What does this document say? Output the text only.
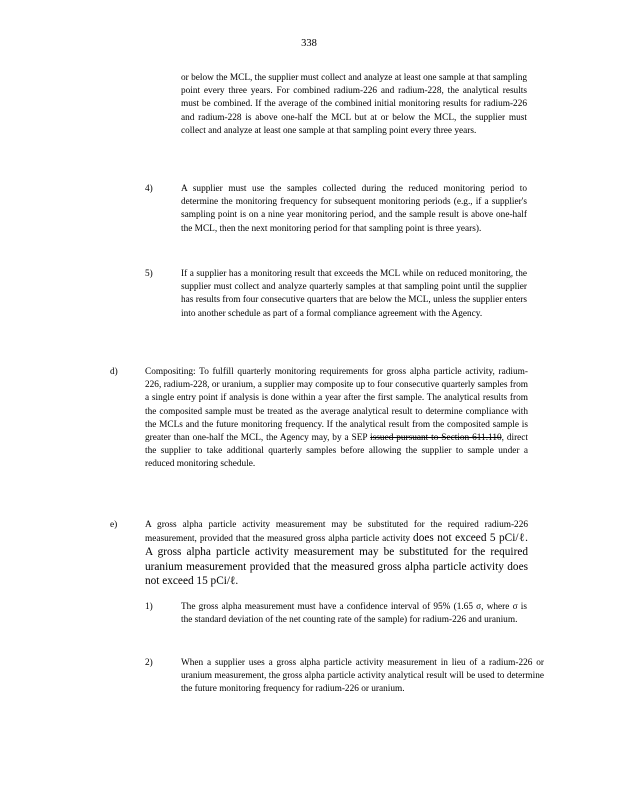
338
or below the MCL, the supplier must collect and analyze at least one sample at that sampling point every three years. For combined radium-226 and radium-228, the analytical results must be combined. If the average of the combined initial monitoring results for radium-226 and radium-228 is above one-half the MCL but at or below the MCL, the supplier must collect and analyze at least one sample at that sampling point every three years.
4)	A supplier must use the samples collected during the reduced monitoring period to determine the monitoring frequency for subsequent monitoring periods (e.g., if a supplier's sampling point is on a nine year monitoring period, and the sample result is above one-half the MCL, then the next monitoring period for that sampling point is three years).
5)	If a supplier has a monitoring result that exceeds the MCL while on reduced monitoring, the supplier must collect and analyze quarterly samples at that sampling point until the supplier has results from four consecutive quarters that are below the MCL, unless the supplier enters into another schedule as part of a formal compliance agreement with the Agency.
d)	Compositing: To fulfill quarterly monitoring requirements for gross alpha particle activity, radium-226, radium-228, or uranium, a supplier may composite up to four consecutive quarterly samples from a single entry point if analysis is done within a year after the first sample. The analytical results from the composited sample must be treated as the average analytical result to determine compliance with the MCLs and the future monitoring frequency. If the analytical result from the composited sample is greater than one-half the MCL, the Agency may, by a SEP issued pursuant to Section 611.110, direct the supplier to take additional quarterly samples before allowing the supplier to sample under a reduced monitoring schedule.
e)	A gross alpha particle activity measurement may be substituted for the required radium-226 measurement, provided that the measured gross alpha particle activity does not exceed 5 pCi/ℓ. A gross alpha particle activity measurement may be substituted for the required uranium measurement provided that the measured gross alpha particle activity does not exceed 15 pCi/ℓ.
1)	The gross alpha measurement must have a confidence interval of 95% (1.65 σ, where σ is the standard deviation of the net counting rate of the sample) for radium-226 and uranium.
2)	When a supplier uses a gross alpha particle activity measurement in lieu of a radium-226 or uranium measurement, the gross alpha particle activity analytical result will be used to determine the future monitoring frequency for radium-226 or uranium.
